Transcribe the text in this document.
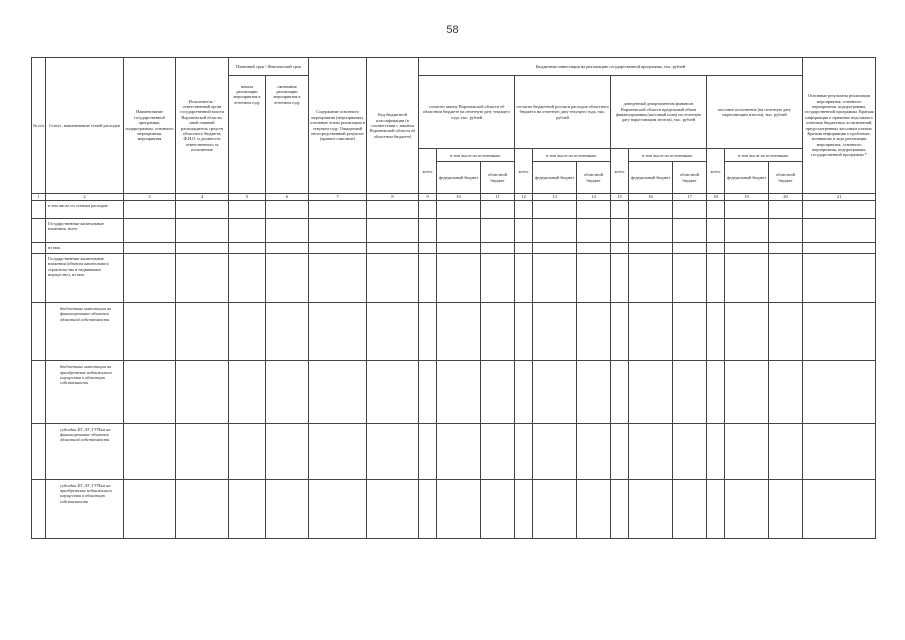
58
№ п/п	Статус, наименование статей расходов	Наименование государственной программы, подпрограммы, основного мероприятия, мероприятия	Исполнитель - ответственный орган государственной власти Воронежской области, иной главный распорядитель средств областного бюджета; Ф.И.О. и должность ответственного за исполнение	Плановый срок / Фактический срок		Содержание основного мероприятия (мероприятия), основные этапы реализации в текущем году. Ожидаемый непосредственный результат (краткое описание)	Код бюджетной классификации (в соответствии с законом Воронежской области об областном бюджете)	Бюджетные инвестиции на реализацию государственной программы, тыс. рублей												Основные результаты реализации мероприятия, основного мероприятия, подпрограммы, государственной программы. Краткая информация о причинах недолжного освоения бюджетных ассигнований, предусмотренных кассовым планом. Краткая информация о проблемах, возникших в ходе реализации мероприятия, основного мероприятия, подпрограммы, государственной программы *
				начала реализации мероприятия в отчетном году	окончания реализации мероприятия в отчетном году			согласно закону Воронежской области об областном бюджете на отчетную дату текущего года, тыс. рублей			согласно бюджетной росписи расходов областного бюджета на отчетную дату текущего года, тыс. рублей			доведенный департаментом финансов Воронежской области предельный объем финансирования (кассовый план) на отчетную дату нарастающим итогом), тыс. рублей			кассовое исполнение (на отчетную дату нарастающим итогом), тыс. рублей			

								всего	в том числе по источникам:		всего	в том числе по источникам:		всего	в том числе по источникам:		всего	в том числе по источникам:		
									федеральный бюджет	областной бюджет		федеральный бюджет	областной бюджет		федеральный бюджет	областной бюджет		федеральный бюджет	областной бюджет	
1	2	3	4	5	6	7	8	9	10	11	12	13	14	15	16	17	18	19	20	21
	в том числе по статьям расходов:																			
	Государственные капитальные вложения, всего																			
	из них:																			
	Государственные капитальные вложения (объекты капитального строительства и недвижимое имущество), из них:																			
	бюджетные инвестиции на финансирование объектов областной собственности																			
	бюджетные инвестиции на приобретение недвижимого имущества в областную собственность																			
	субсидии БУ, АУ, ГУПам на финансирование объектов областной собственности																			
	субсидии БУ, АУ, ГУПам на приобретение недвижимого имущества в областную собственность																			
